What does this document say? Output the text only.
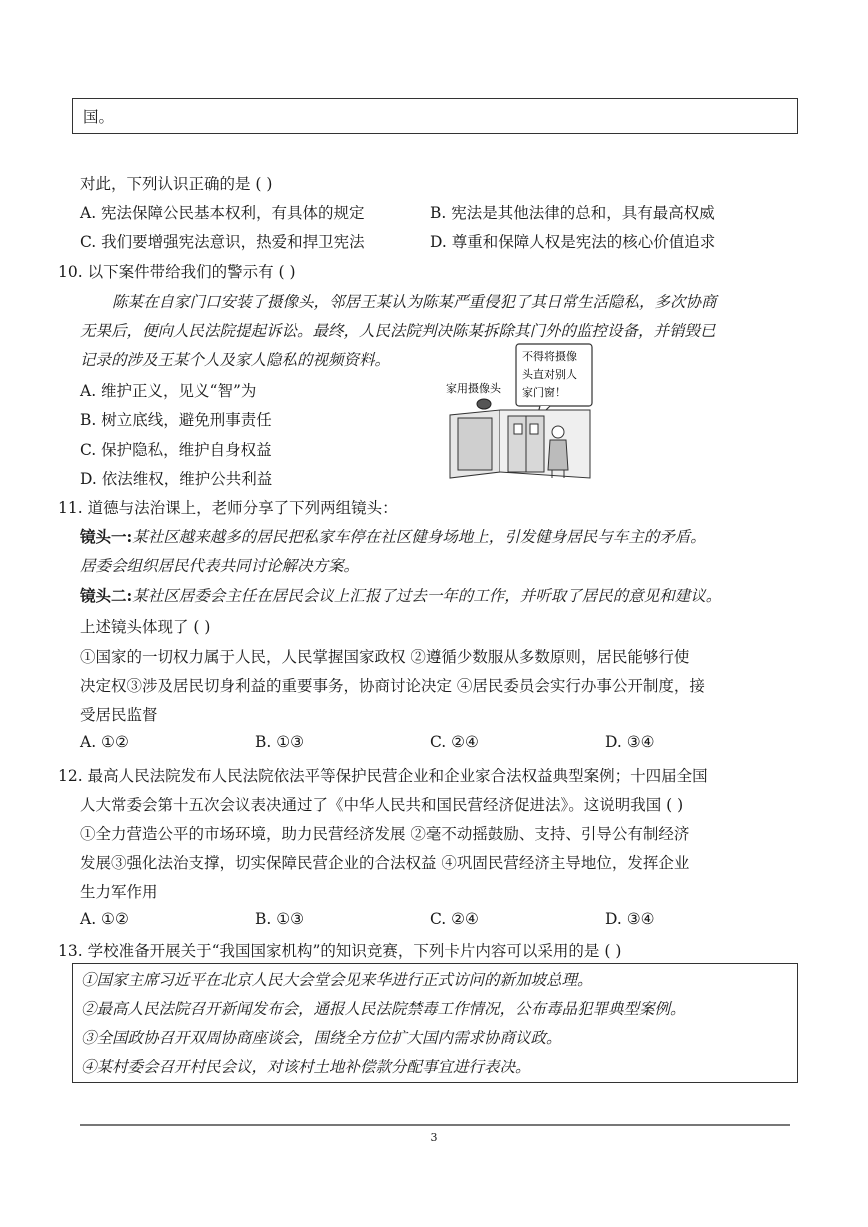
国。
对此，下列认识正确的是 ( )
A. 宪法保障公民基本权利，有具体的规定	B. 宪法是其他法律的总和，具有最高权威
C. 我们要增强宪法意识，热爱和捍卫宪法	D. 尊重和保障人权是宪法的核心价值追求
10. 以下案件带给我们的警示有 ( )
陈某在自家门口安装了摄像头，邻居王某认为陈某严重侵犯了其日常生活隐私，多次协商
无果后，便向人民法院提起诉讼。最终，人民法院判决陈某拆除其门外的监控设备，并销毁已
记录的涉及王某个人及家人隐私的视频资料。
A. 维护正义，见义“智”为
B. 树立底线，避免刑事责任
C. 保护隐私，维护自身权益
D. 依法维权，维护公共利益
家用摄像头
不得将摄像
头直对别人
家门窗！
11. 道德与法治课上，老师分享了下列两组镜头：
镜头一:某社区越来越多的居民把私家车停在社区健身场地上，引发健身居民与车主的矛盾。
居委会组织居民代表共同讨论解决方案。
镜头二:某社区居委会主任在居民会议上汇报了过去一年的工作，并听取了居民的意见和建议。
上述镜头体现了 ( )
①国家的一切权力属于人民，人民掌握国家政权 ②遵循少数服从多数原则，居民能够行使
决定权③涉及居民切身利益的重要事务，协商讨论决定 ④居民委员会实行办事公开制度，接
受居民监督
A. ①②	B. ①③	C. ②④	D. ③④
12. 最高人民法院发布人民法院依法平等保护民营企业和企业家合法权益典型案例；十四届全国
人大常委会第十五次会议表决通过了《中华人民共和国民营经济促进法》。这说明我国 ( )
①全力营造公平的市场环境，助力民营经济发展 ②毫不动摇鼓励、支持、引导公有制经济
发展③强化法治支撑，切实保障民营企业的合法权益 ④巩固民营经济主导地位，发挥企业
生力军作用
A. ①②	B. ①③	C. ②④	D. ③④
13. 学校准备开展关于“我国国家机构”的知识竞赛，下列卡片内容可以采用的是 ( )
①国家主席习近平在北京人民大会堂会见来华进行正式访问的新加坡总理。
②最高人民法院召开新闻发布会，通报人民法院禁毒工作情况，公布毒品犯罪典型案例。
③全国政协召开双周协商座谈会，围绕全方位扩大国内需求协商议政。
④某村委会召开村民会议，对该村土地补偿款分配事宜进行表决。
3
